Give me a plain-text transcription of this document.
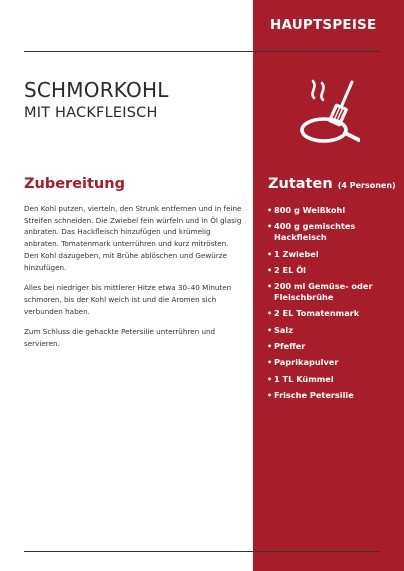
HAUPTSPEISE
SCHMORKOHL
MIT HACKFLEISCH
Zubereitung

Den Kohl putzen, vierteln, den Strunk entfernen und in feine Streifen schneiden. Die Zwiebel fein würfeln und in Öl glasig anbraten. Das Hackfleisch hinzufügen und krümelig anbraten. Tomatenmark unterrühren und kurz mitrösten. Den Kohl dazugeben, mit Brühe ablöschen und Gewürze hinzufügen.

Alles bei niedriger bis mittlerer Hitze etwa 30–40 Minuten schmoren, bis der Kohl weich ist und die Aromen sich verbunden haben.

Zum Schluss die gehackte Petersilie unterrühren und servieren.

Zutaten (4 Personen)
• 800 g Weißkohl
• 400 g gemischtes Hackfleisch
• 1 Zwiebel
• 2 EL Öl
• 200 ml Gemüse- oder Fleischbrühe
• 2 EL Tomatenmark
• Salz
• Pfeffer
• Paprikapulver
• 1 TL Kümmel
• Frische Petersilie
